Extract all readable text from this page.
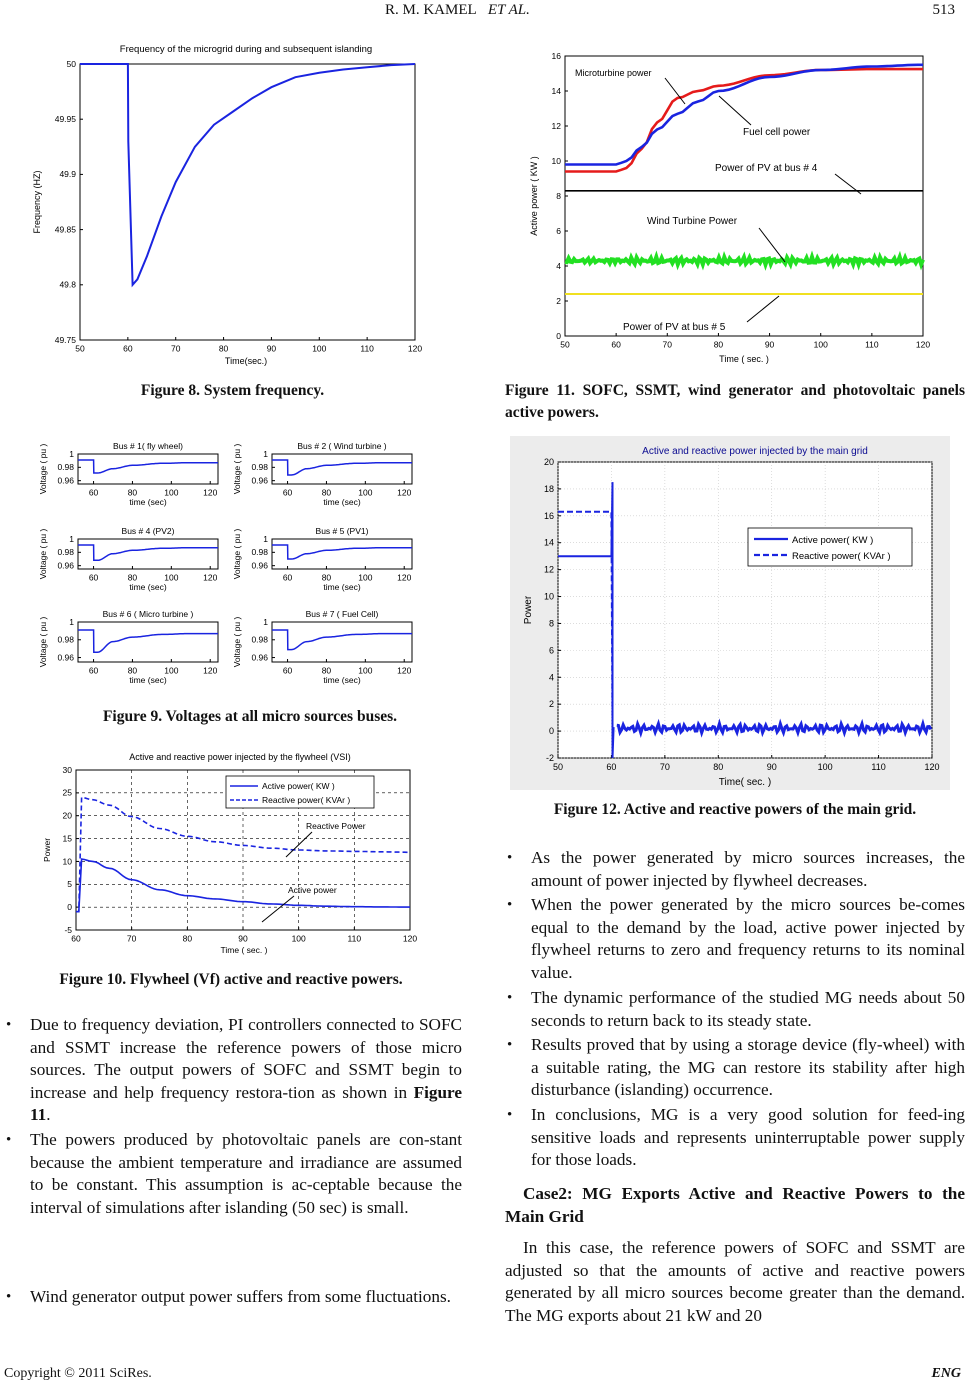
R. M. KAMEL ET AL.	513
Frequency of the microgrid during and subsequent islanding
50	60	70	80	90	100	110	120
49.75
49.8
49.85
49.9
49.95
50
Time(sec.)
Frequency (HZ)
Figure 8. System frequency.
Bus # 1( fly wheel)
60	80	100	120
0.96
0.98
1
time (sec)
Voltage ( pu )	Bus # 2 ( Wind turbine )
60	80	100	120
0.96
0.98
1
time (sec)
Voltage ( pu )
Bus # 4 (PV2)
60	80	100	120
0.96
0.98
1
time (sec)
Voltage ( pu )	Bus # 5 (PV1)
60	80	100	120
0.96
0.98
1
time (sec)
Voltage ( pu )
Bus # 6 ( Micro turbine )
60	80	100	120
0.96
0.98
1
time (sec)
Voltage ( pu )
Bus # 7 ( Fuel Cell)
60	80	100	120
0.96
0.98
1
time (sec)
Voltage ( pu )
Figure 9. Voltages at all micro sources buses.
Active and reactive power injected by the flywheel (VSI)
60	70	80	90	100	110	120
-5
0
5
10
15
20
25
30
Active power( KW )
Reactive power( KVAr )
Reactive Power
Active power
Time ( sec. )
Power
Figure 10. Flywheel (Vf) active and reactive powers.
• Due to frequency deviation, PI controllers connected to SOFC and SSMT increase the reference powers of those micro sources. The output powers of SOFC and SSMT begin to increase and help frequency restora-tion as shown in Figure 11.
• The powers produced by photovoltaic panels are con-stant because the ambient temperature and irradiance are assumed to be constant. This assumption is ac-ceptable because the interval of simulations after islanding (50 sec) is small.
• Wind generator output power suffers from some fluctuations.
50	60	70	80	90	100	110	120
0
2
4
6
8
10
12
14
16
Microturbine power
Fuel cell power
Power of PV at bus # 4
Wind Turbine Power
Power of PV at bus # 5
Time ( sec. )
Active power ( KW )
Figure 11. SOFC, SSMT, wind generator and photovoltaic panels active powers.
Active and reactive power injected by the main grid
50	60	70	80	90	100	110	120
-2
0
2
4
6
8
10
12
14
16
18
20
Active power( KW )
Reactive power( KVAr )
Time( sec. )
Power
Figure 12. Active and reactive powers of the main grid.
• As the power generated by micro sources increases, the amount of power injected by flywheel decreases.
• When the power generated by the micro sources be-comes equal to the demand by the load, active power injected by flywheel returns to zero and frequency returns to its nominal value.
• The dynamic performance of the studied MG needs about 50 seconds to return back to its steady state.
• Results proved that by using a storage device (fly-wheel) with a suitable rating, the MG can restore its stability after high disturbance (islanding) occurrence.
• In conclusions, MG is a very good solution for feed-ing sensitive loads and represents uninterruptable power supply for those loads.
Case2: MG Exports Active and Reactive Powers to the Main Grid
In this case, the reference powers of SOFC and SSMT are adjusted so that the amounts of active and reactive powers generated by all micro sources become greater than the demand. The MG exports about 21 kW and 20
Copyright © 2011 SciRes.	ENG
